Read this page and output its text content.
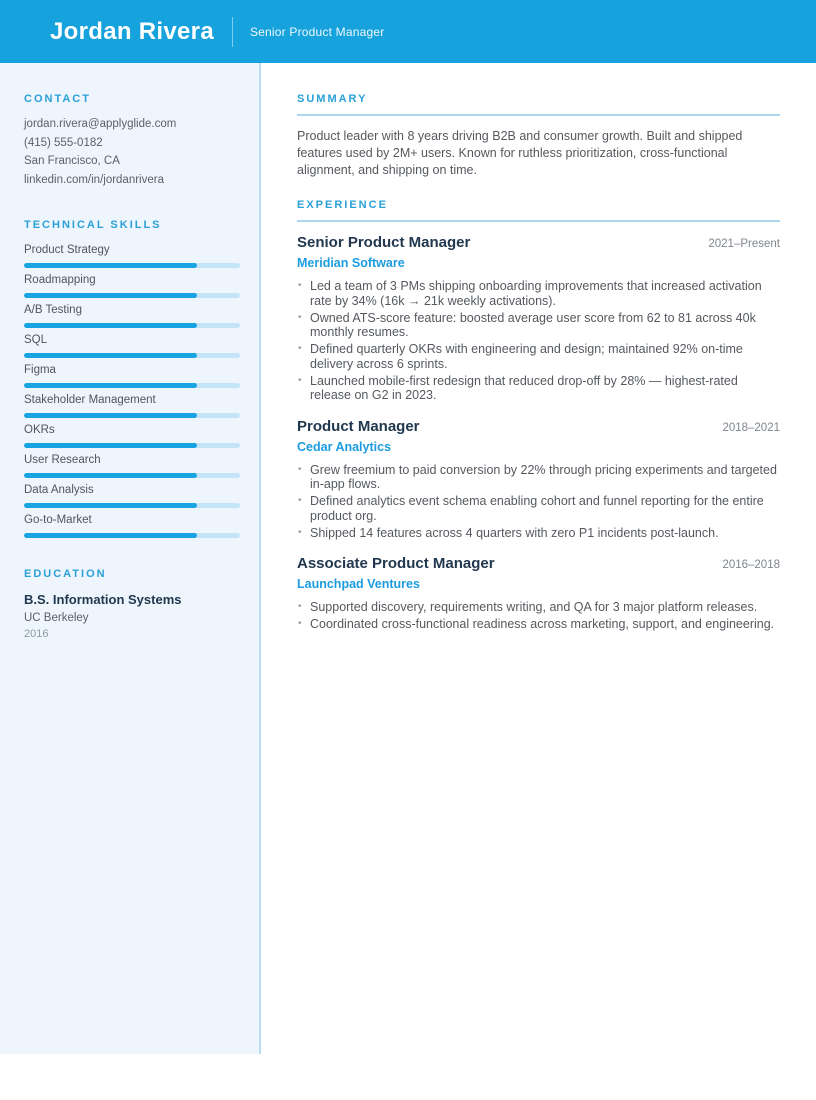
Jordan Rivera	Senior Product Manager
CONTACT
jordan.rivera@applyglide.com
(415) 555-0182
San Francisco, CA
linkedin.com/in/jordanrivera
TECHNICAL SKILLS
Product Strategy
Roadmapping
A/B Testing
SQL
Figma
Stakeholder Management
OKRs
User Research
Data Analysis
Go-to-Market
EDUCATION
B.S. Information Systems
UC Berkeley
2016
SUMMARY

Product leader with 8 years driving B2B and consumer growth. Built and shipped features used by 2M+ users. Known for ruthless prioritization, cross-functional alignment, and shipping on time.

EXPERIENCE
Senior Product Manager	2021–Present
Meridian Software
• Led a team of 3 PMs shipping onboarding improvements that increased activation rate by 34% (16k → 21k weekly activations).
• Owned ATS-score feature: boosted average user score from 62 to 81 across 40k monthly resumes.
• Defined quarterly OKRs with engineering and design; maintained 92% on-time delivery across 6 sprints.
• Launched mobile-first redesign that reduced drop-off by 28% — highest-rated release on G2 in 2023.
Product Manager	2018–2021
Cedar Analytics
• Grew freemium to paid conversion by 22% through pricing experiments and targeted in-app flows.
• Defined analytics event schema enabling cohort and funnel reporting for the entire product org.
• Shipped 14 features across 4 quarters with zero P1 incidents post-launch.
Associate Product Manager	2016–2018
Launchpad Ventures
• Supported discovery, requirements writing, and QA for 3 major platform releases.
• Coordinated cross-functional readiness across marketing, support, and engineering.
